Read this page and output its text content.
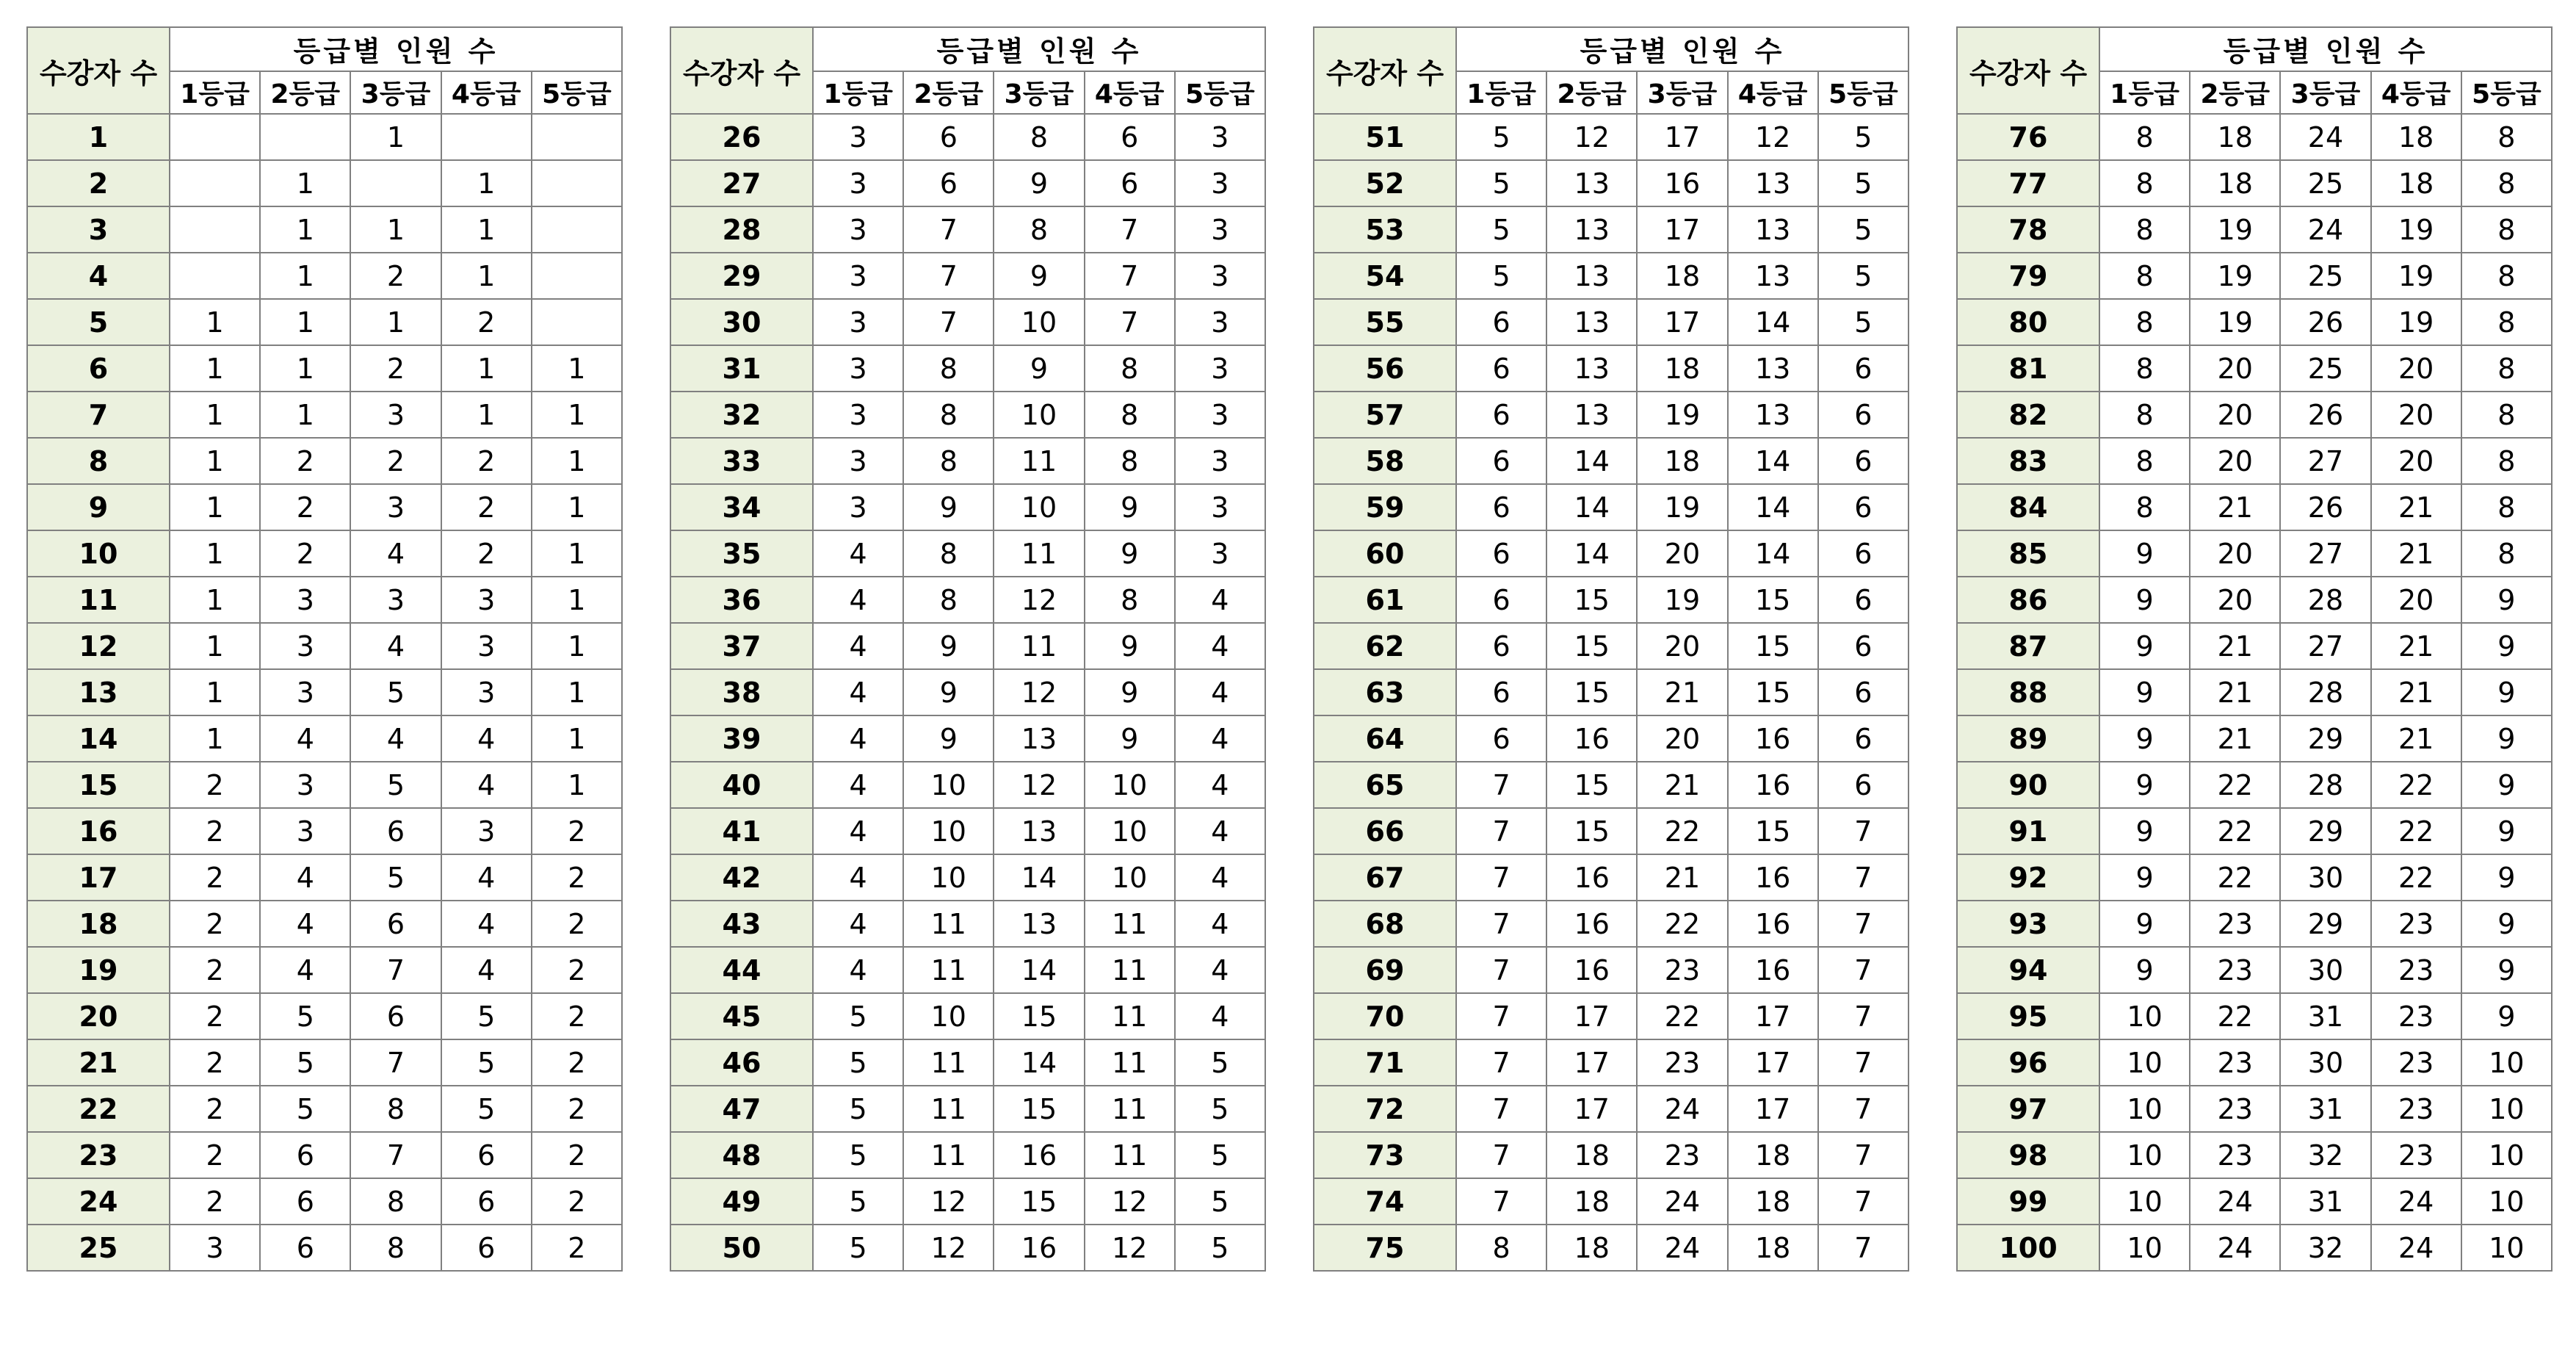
수강자 수	등급별 인원 수				
	1등급	2등급	3등급	4등급	5등급
1			1		
2		1		1	
3		1	1	1	
4		1	2	1	
5	1	1	1	2	
6	1	1	2	1	1
7	1	1	3	1	1
8	1	2	2	2	1
9	1	2	3	2	1
10	1	2	4	2	1
11	1	3	3	3	1
12	1	3	4	3	1
13	1	3	5	3	1
14	1	4	4	4	1
15	2	3	5	4	1
16	2	3	6	3	2
17	2	4	5	4	2
18	2	4	6	4	2
19	2	4	7	4	2
20	2	5	6	5	2
21	2	5	7	5	2
22	2	5	8	5	2
23	2	6	7	6	2
24	2	6	8	6	2
25	3	6	8	6	2
수강자 수	등급별 인원 수				
	1등급	2등급	3등급	4등급	5등급
26	3	6	8	6	3
27	3	6	9	6	3
28	3	7	8	7	3
29	3	7	9	7	3
30	3	7	10	7	3
31	3	8	9	8	3
32	3	8	10	8	3
33	3	8	11	8	3
34	3	9	10	9	3
35	4	8	11	9	3
36	4	8	12	8	4
37	4	9	11	9	4
38	4	9	12	9	4
39	4	9	13	9	4
40	4	10	12	10	4
41	4	10	13	10	4
42	4	10	14	10	4
43	4	11	13	11	4
44	4	11	14	11	4
45	5	10	15	11	4
46	5	11	14	11	5
47	5	11	15	11	5
48	5	11	16	11	5
49	5	12	15	12	5
50	5	12	16	12	5
수강자 수	등급별 인원 수				
	1등급	2등급	3등급	4등급	5등급
51	5	12	17	12	5
52	5	13	16	13	5
53	5	13	17	13	5
54	5	13	18	13	5
55	6	13	17	14	5
56	6	13	18	13	6
57	6	13	19	13	6
58	6	14	18	14	6
59	6	14	19	14	6
60	6	14	20	14	6
61	6	15	19	15	6
62	6	15	20	15	6
63	6	15	21	15	6
64	6	16	20	16	6
65	7	15	21	16	6
66	7	15	22	15	7
67	7	16	21	16	7
68	7	16	22	16	7
69	7	16	23	16	7
70	7	17	22	17	7
71	7	17	23	17	7
72	7	17	24	17	7
73	7	18	23	18	7
74	7	18	24	18	7
75	8	18	24	18	7
수강자 수	등급별 인원 수				
	1등급	2등급	3등급	4등급	5등급
76	8	18	24	18	8
77	8	18	25	18	8
78	8	19	24	19	8
79	8	19	25	19	8
80	8	19	26	19	8
81	8	20	25	20	8
82	8	20	26	20	8
83	8	20	27	20	8
84	8	21	26	21	8
85	9	20	27	21	8
86	9	20	28	20	9
87	9	21	27	21	9
88	9	21	28	21	9
89	9	21	29	21	9
90	9	22	28	22	9
91	9	22	29	22	9
92	9	22	30	22	9
93	9	23	29	23	9
94	9	23	30	23	9
95	10	22	31	23	9
96	10	23	30	23	10
97	10	23	31	23	10
98	10	23	32	23	10
99	10	24	31	24	10
100	10	24	32	24	10
